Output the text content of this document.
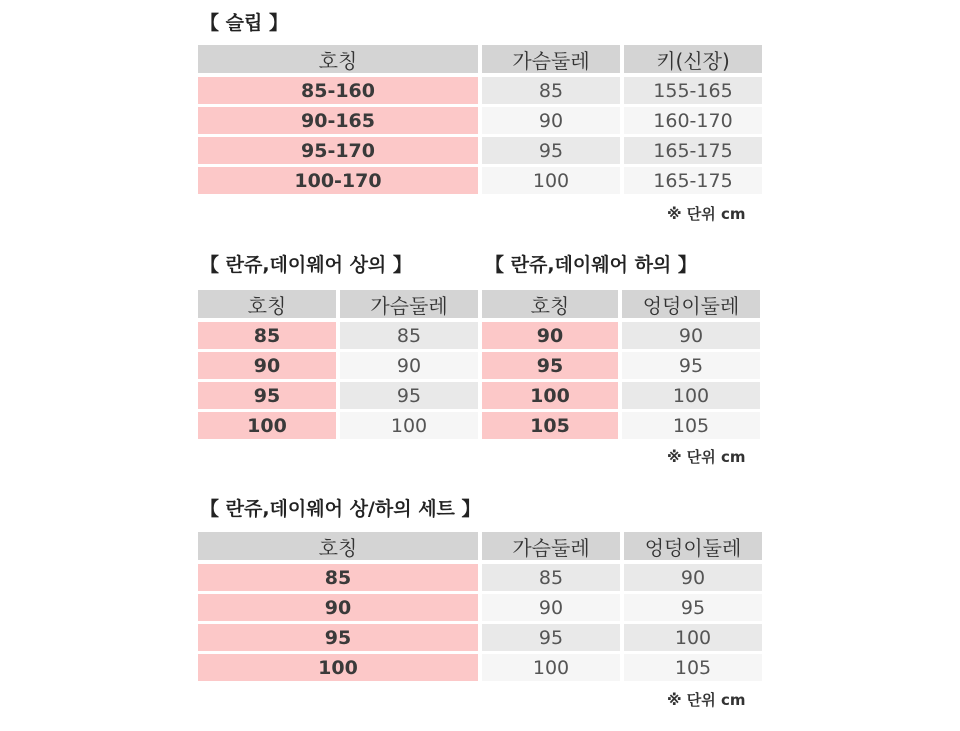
【 슬립 】
호칭	가슴둘레	키(신장)
85-160	85	155-165
90-165	90	160-170
95-170	95	165-175
100-170	100	165-175
※ 단위 cm
【 란쥬,데이웨어 상의 】
호칭	가슴둘레
85	85
90	90
95	95
100	100
【 란쥬,데이웨어 하의 】
호칭	엉덩이둘레
90	90
95	95
100	100
105	105
※ 단위 cm
【 란쥬,데이웨어 상/하의 세트 】
호칭	가슴둘레	엉덩이둘레
85	85	90
90	90	95
95	95	100
100	100	105
※ 단위 cm
